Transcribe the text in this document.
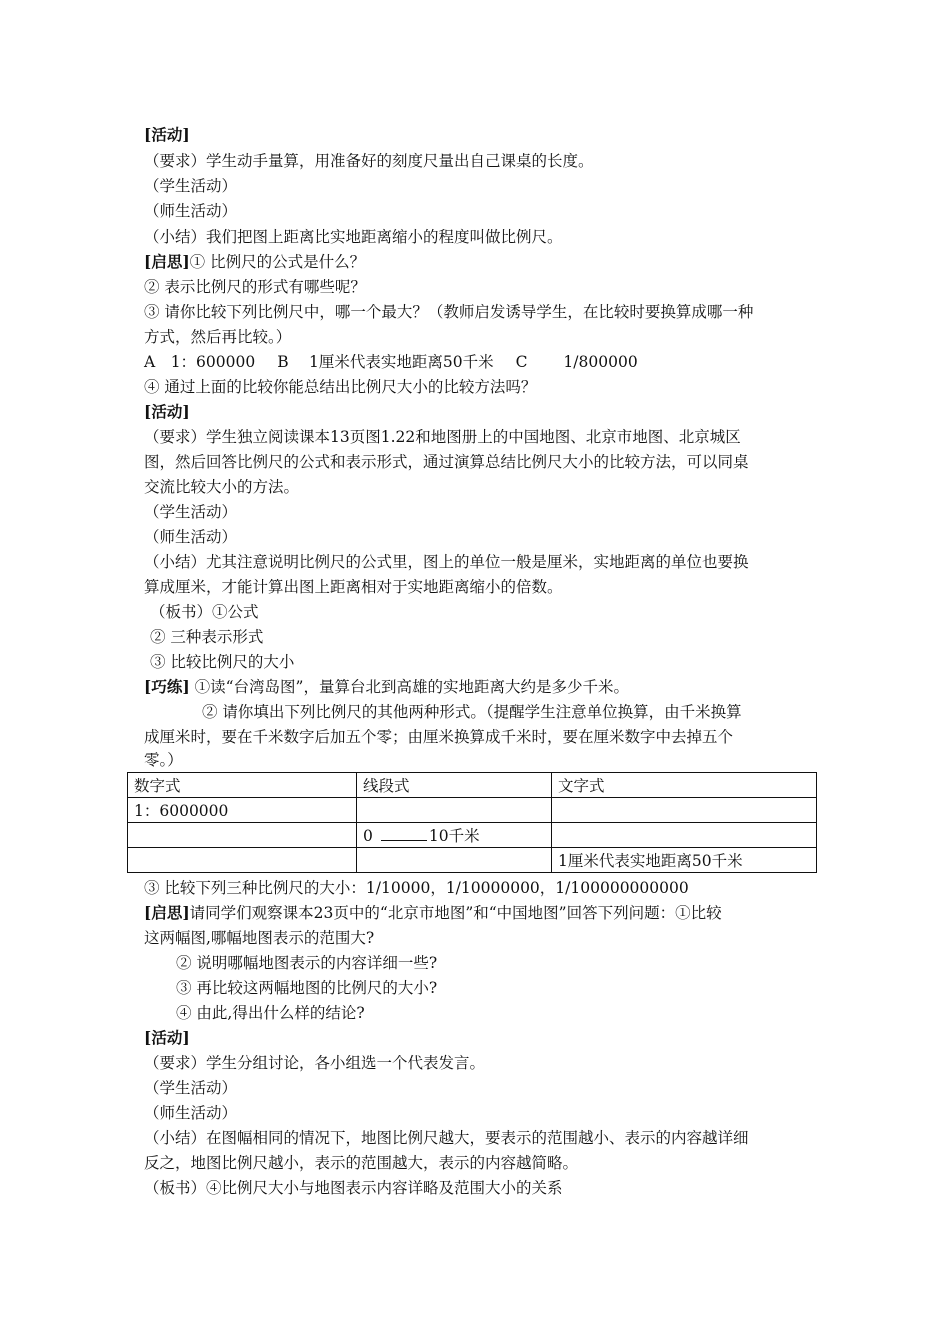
[活动]
（要求）学生动手量算，用准备好的刻度尺量出自己课桌的长度。
（学生活动）
（师生活动）
（小结）我们把图上距离比实地距离缩小的程度叫做比例尺。
[启思]① 比例尺的公式是什么？
② 表示比例尺的形式有哪些呢？
③ 请你比较下列比例尺中，哪一个最大？（教师启发诱导学生，在比较时要换算成哪一种
方式，然后再比较。）
A　1：600000 B　 1厘米代表实地距离50千米 C　　 1/800000
④ 通过上面的比较你能总结出比例尺大小的比较方法吗？
[活动]
（要求）学生独立阅读课本13页图1.22和地图册上的中国地图、北京市地图、北京城区
图，然后回答比例尺的公式和表示形式，通过演算总结比例尺大小的比较方法，可以同桌
交流比较大小的方法。
（学生活动）
（师生活动）
（小结）尤其注意说明比例尺的公式里，图上的单位一般是厘米，实地距离的单位也要换
算成厘米，才能计算出图上距离相对于实地距离缩小的倍数。
（板书）①公式
② 三种表示形式
③ 比较比例尺的大小
[巧练] ①读“台湾岛图”，量算台北到高雄的实地距离大约是多少千米。
② 请你填出下列比例尺的其他两种形式。（提醒学生注意单位换算，由千米换算
成厘米时，要在千米数字后加五个零；由厘米换算成千米时，要在厘米数字中去掉五个
零。）
数字式	线段式	文字式
1：6000000		
	0 10千米	
		1厘米代表实地距离50千米
③ 比较下列三种比例尺的大小：1/10000，1/10000000，1/100000000000
[启思]请同学们观察课本23页中的“北京市地图”和“中国地图”回答下列问题：①比较
这两幅图,哪幅地图表示的范围大?
② 说明哪幅地图表示的内容详细一些?
③ 再比较这两幅地图的比例尺的大小?
④ 由此,得出什么样的结论?
[活动]
（要求）学生分组讨论，各小组选一个代表发言。
（学生活动）
（师生活动）
（小结）在图幅相同的情况下，地图比例尺越大，要表示的范围越小、表示的内容越详细
反之，地图比例尺越小，表示的范围越大，表示的内容越简略。
（板书）④比例尺大小与地图表示内容详略及范围大小的关系
